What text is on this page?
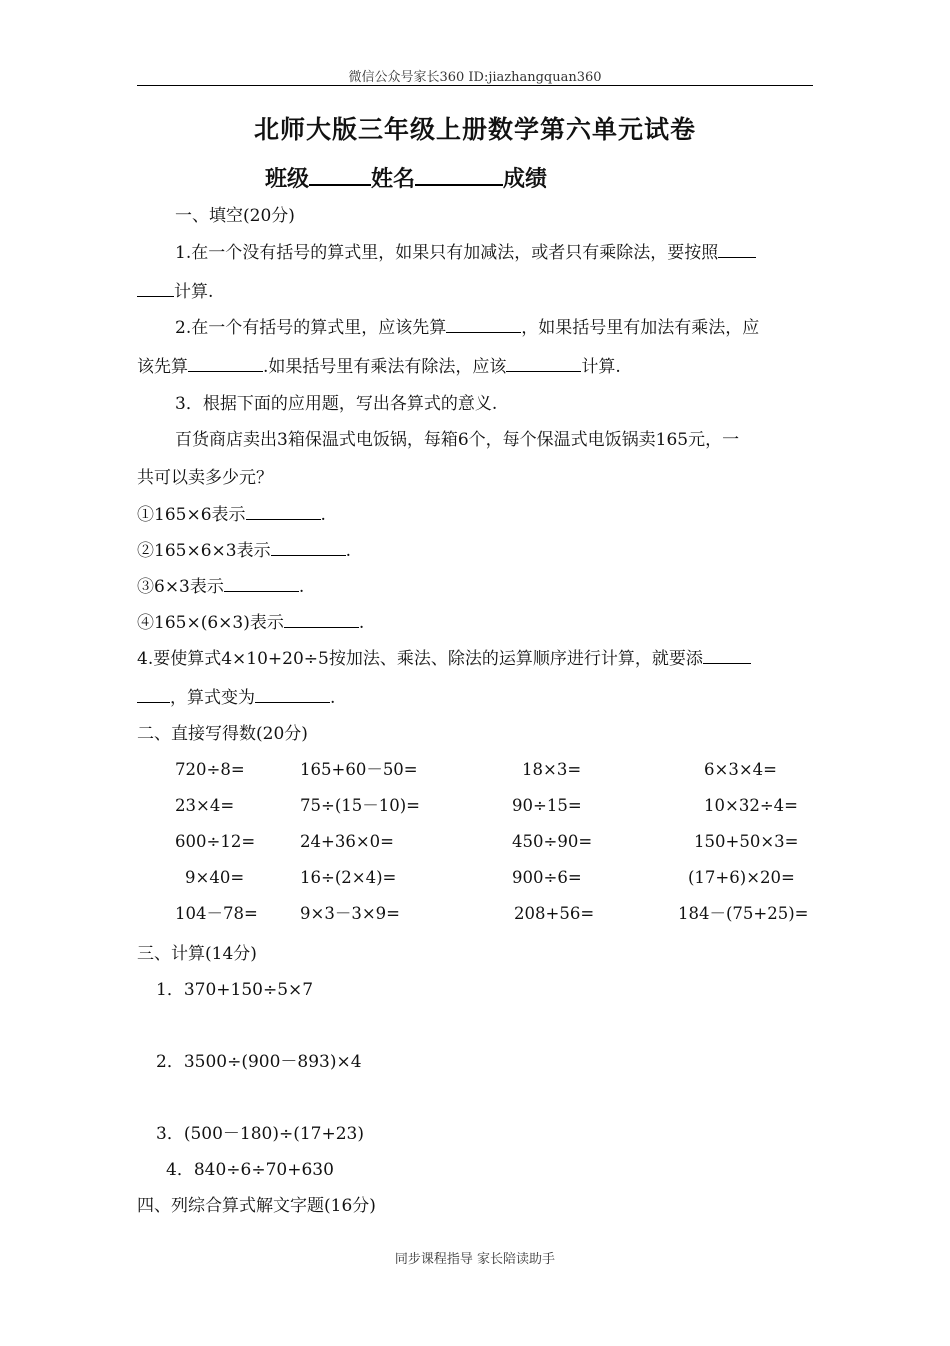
微信公众号家长360 ID:jiazhangquan360
北师大版三年级上册数学第六单元试卷
班级	姓名	成绩
一、填空(20分)
1.在一个没有括号的算式里，如果只有加减法，或者只有乘除法，要按照
计算.
2.在一个有括号的算式里，应该先算	，如果括号里有加法有乘法，应
该先算	.如果括号里有乘法有除法，应该	计算.
3．根据下面的应用题，写出各算式的意义.
百货商店卖出3箱保温式电饭锅，每箱6个，每个保温式电饭锅卖165元，一
共可以卖多少元？
①165×6表示	.
②165×6×3表示	.
③6×3表示	.
④165×(6×3)表示	.
4.要使算式4×10+20÷5按加法、乘法、除法的运算顺序进行计算，就要添
，算式变为	.
二、直接写得数(20分)
720÷8=	165+60－50=	18×3=	6×3×4=
23×4=	75÷(15－10)=	90÷15=	10×32÷4=
600÷12=	24+36×0=	450÷90=	150+50×3=
9×40=	16÷(2×4)=	900÷6=	(17+6)×20=
104－78=	9×3－3×9=	208+56=	184－(75+25)=
三、计算(14分)
1．370+150÷5×7
2．3500÷(900－893)×4
3．(500－180)÷(17+23)
4．840÷6÷70+630
四、列综合算式解文字题(16分)
同步课程指导 家长陪读助手
